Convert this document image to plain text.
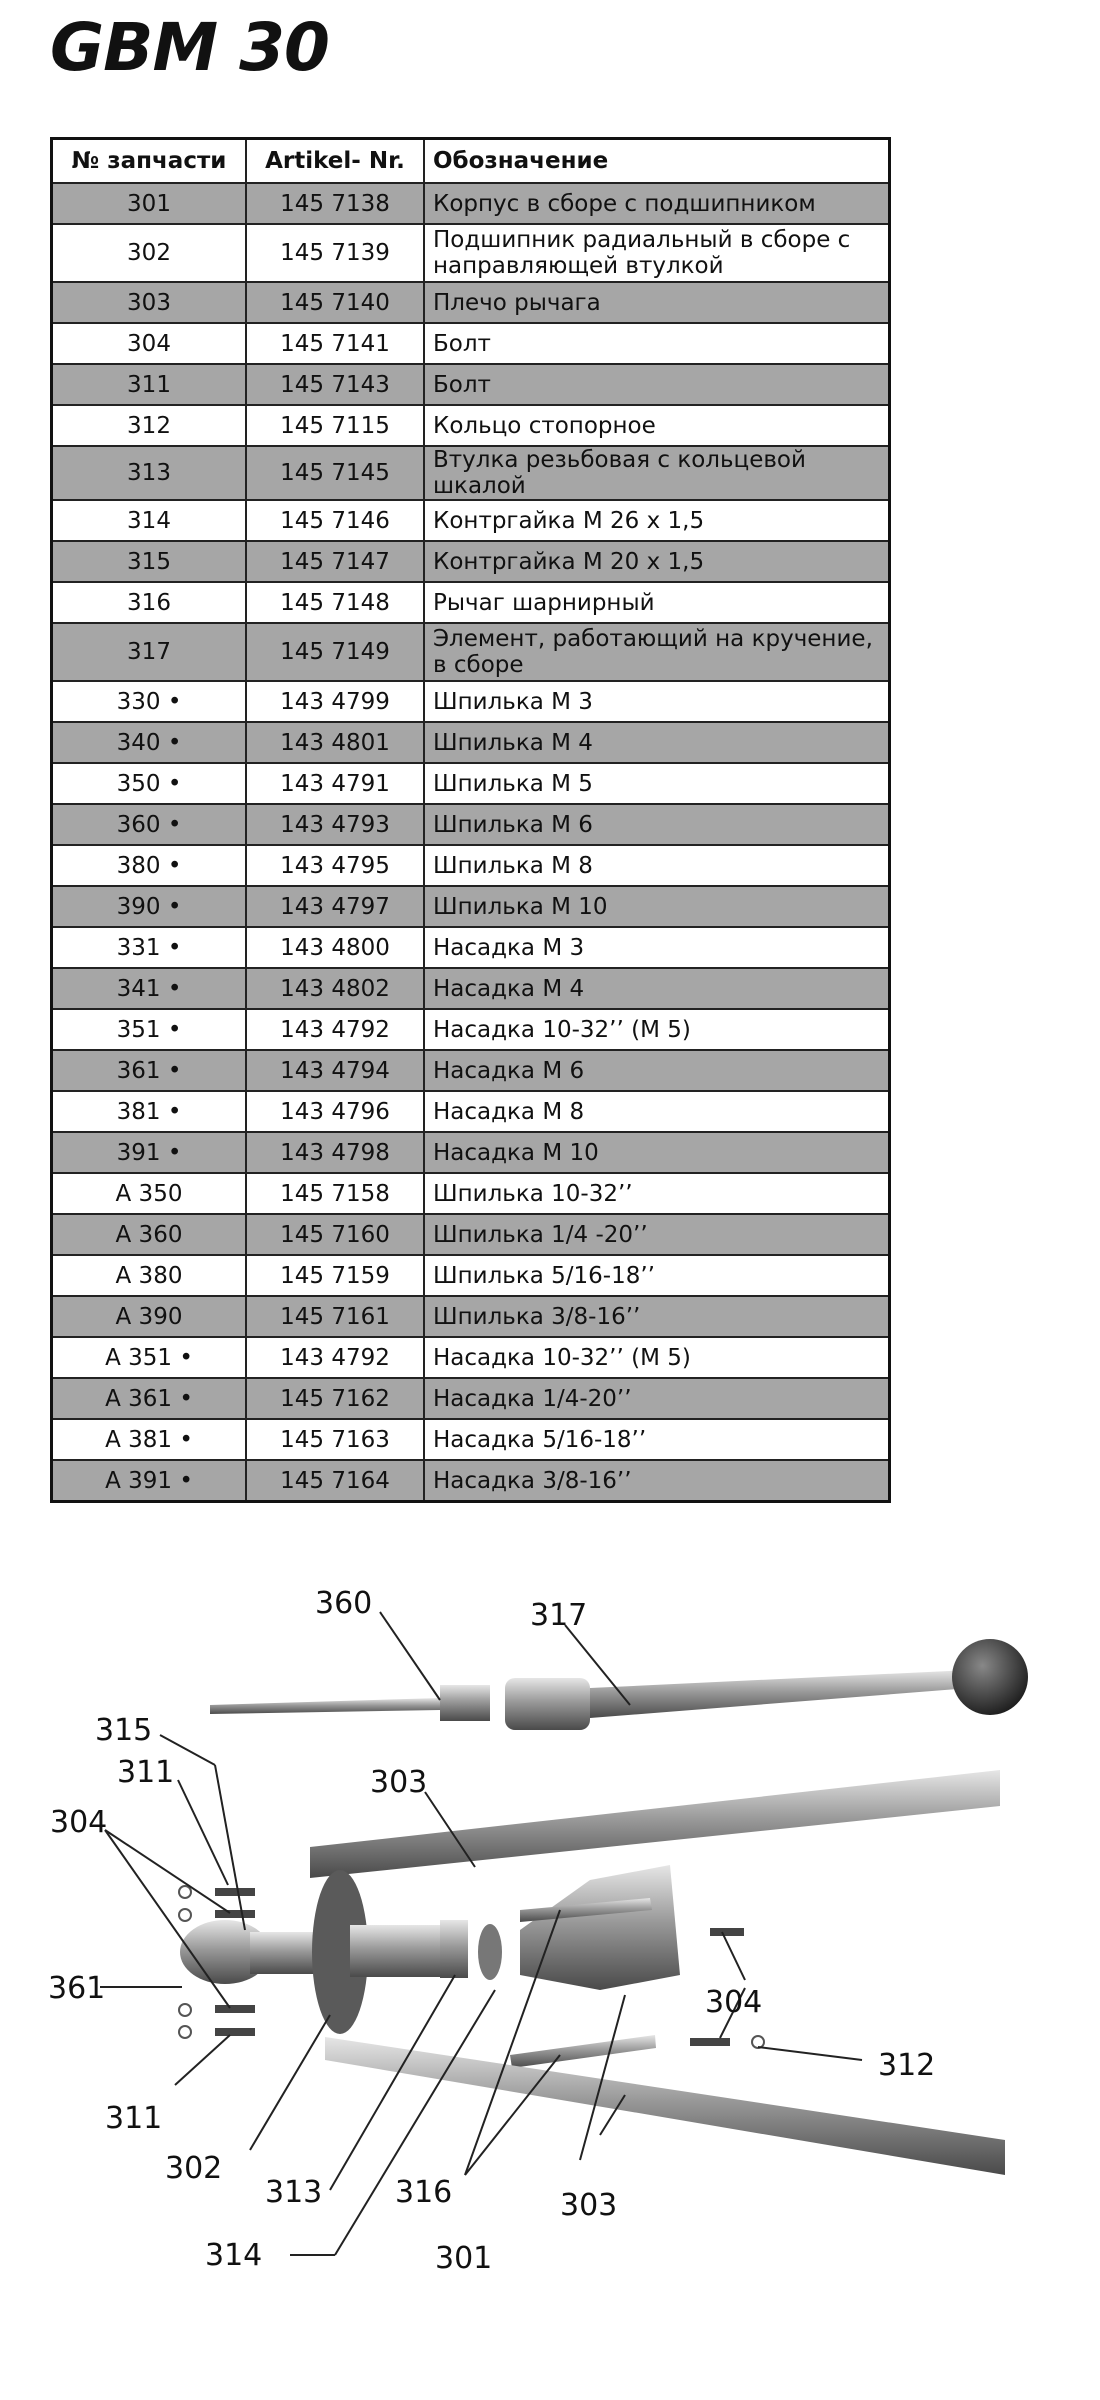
GBM 30
№ запчасти	Artikel- Nr.	Обозначение
301	145 7138	Корпус в сборе с подшипником
302	145 7139	Подшипник радиальный в сборе с направляющей втулкой
303	145 7140	Плечо рычага
304	145 7141	Болт
311	145 7143	Болт
312	145 7115	Кольцо стопорное
313	145 7145	Втулка резьбовая с кольцевой шкалой
314	145 7146	Контргайка М 26 х 1,5
315	145 7147	Контргайка М 20 х 1,5
316	145 7148	Рычаг шарнирный
317	145 7149	Элемент, работающий на кручение, в сборе
330 •	143 4799	Шпилька М 3
340 •	143 4801	Шпилька М 4
350 •	143 4791	Шпилька М 5
360 •	143 4793	Шпилька М 6
380 •	143 4795	Шпилька М 8
390 •	143 4797	Шпилька М 10
331 •	143 4800	Насадка М 3
341 •	143 4802	Насадка М 4
351 •	143 4792	Насадка 10-32’’ (М 5)
361 •	143 4794	Насадка М 6
381 •	143 4796	Насадка М 8
391 •	143 4798	Насадка М 10
A 350	145 7158	Шпилька 10-32’’
A 360	145 7160	Шпилька 1/4 -20’’
A 380	145 7159	Шпилька 5/16-18’’
A 390	145 7161	Шпилька 3/8-16’’
A 351 •	143 4792	Насадка 10-32’’ (М 5)
A 361 •	145 7162	Насадка 1/4-20’’
A 381 •	145 7163	Насадка 5/16-18’’
A 391 •	145 7164	Насадка 3/8-16’’
360	317
315
311	303
304
361	304
312
311
302
313 316	303
314	301
